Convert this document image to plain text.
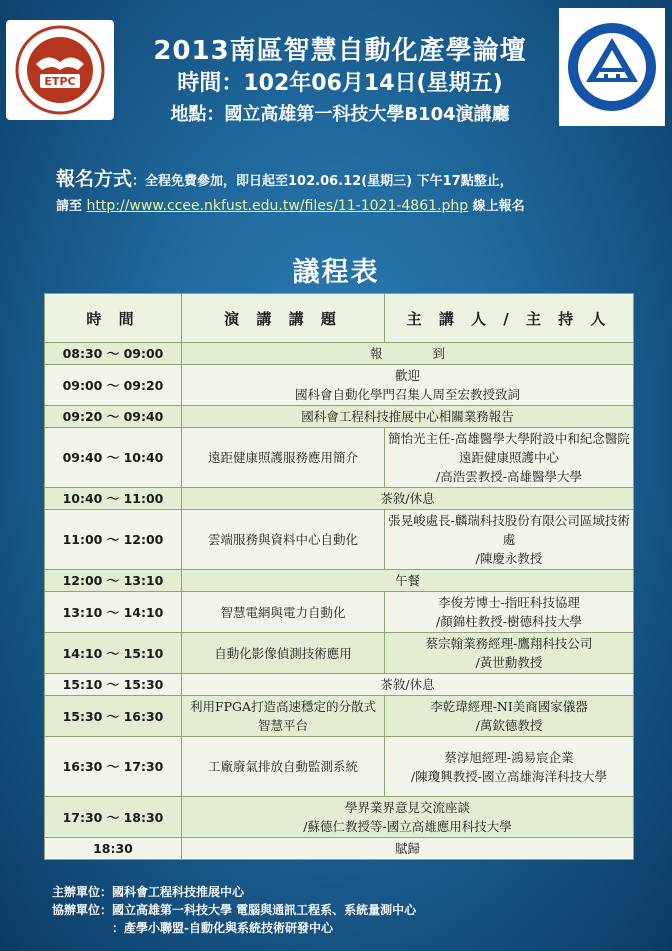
ETPC
2013南區智慧自動化產學論壇
時間：102年06月14日(星期五)
地點：國立高雄第一科技大學B104演講廳
報名方式：全程免費參加，即日起至102.06.12(星期三) 下午17點整止，
請至 http://www.ccee.nkfust.edu.tw/files/11-1021-4861.php 線上報名
議程表
時 間	演 講 講 題	主 講 人 / 主 持 人
08:30 ～ 09:00	報　　　　到	
09:00 ～ 09:20	歡迎
國科會自動化學門召集人周至宏教授致詞	
09:20 ～ 09:40	國科會工程科技推展中心相關業務報告	
09:40 ～ 10:40	遠距健康照護服務應用簡介	簡怡光主任-高雄醫學大學附設中和紀念醫院遠距健康照護中心
/高浩雲教授-高雄醫學大學
10:40 ～ 11:00	茶敘/休息	
11:00 ～ 12:00	雲端服務與資料中心自動化	張晃峻處長-麟瑞科技股份有限公司區域技術處
/陳慶永教授
12:00 ～ 13:10	午餐	
13:10 ～ 14:10	智慧電網與電力自動化	李俊芳博士-指旺科技協理
/顏錦柱教授-樹德科技大學
14:10 ～ 15:10	自動化影像偵測技術應用	蔡宗翰業務經理-鷹翔科技公司
/黃世勳教授
15:10 ～ 15:30	茶敘/休息	
15:30 ～ 16:30	利用FPGA打造高速穩定的分散式智慧平台	李乾瑋經理-NI美商國家儀器
/萬欽德教授
16:30 ～ 17:30	工廠廢氣排放自動監測系統	蔡淳旭經理-鴻易宸企業
/陳瓊興教授-國立高雄海洋科技大學
17:30 ～ 18:30	學界業界意見交流座談
/蘇德仁教授等-國立高雄應用科技大學	
18:30	賦歸	
主辦單位：國科會工程科技推展中心
協辦單位：國立高雄第一科技大學 電腦與通訊工程系、系統量測中心
　　　　　：產學小聯盟-自動化與系統技術研發中心
